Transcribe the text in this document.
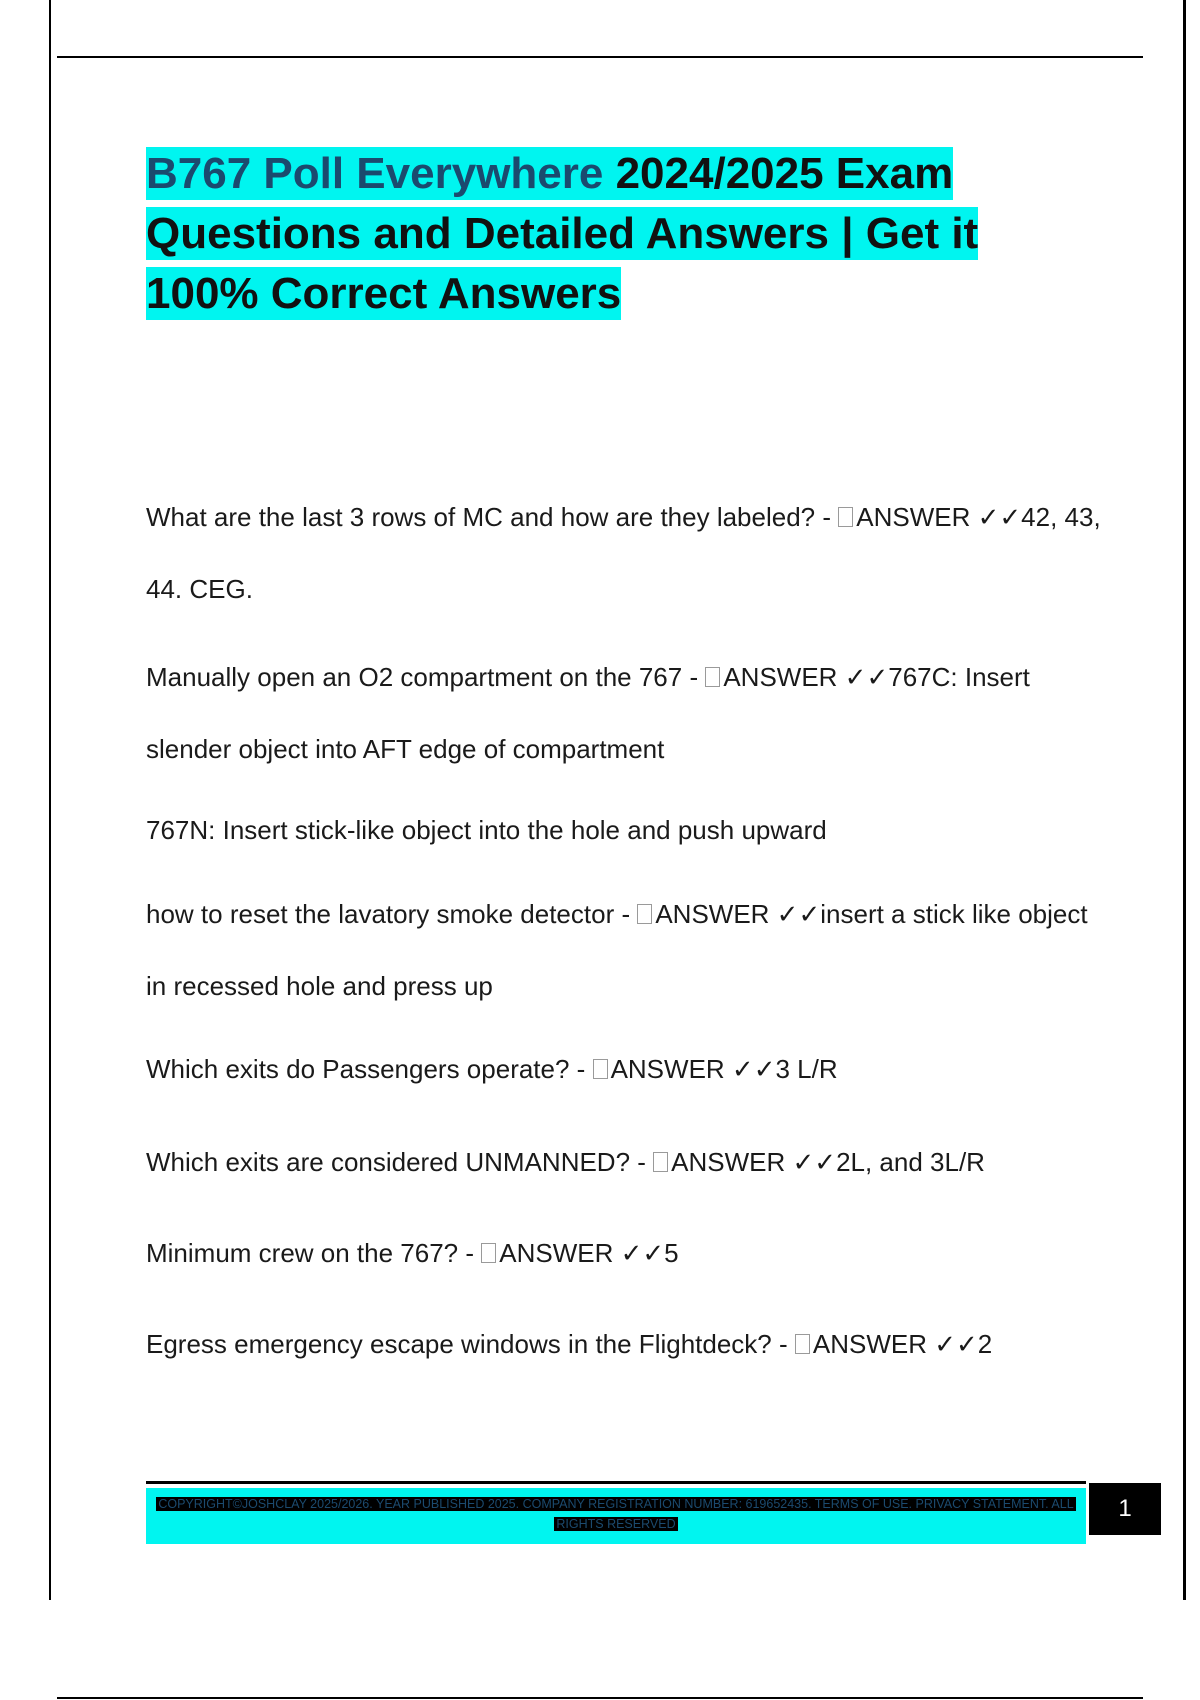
B767 Poll Everywhere 2024/2025 Exam Questions and Detailed Answers | Get it 100% Correct Answers

What are the last 3 rows of MC and how are they labeled? - ANSWER ✓✓42, 43, 44. CEG.

Manually open an O2 compartment on the 767 - ANSWER ✓✓767C: Insert slender object into AFT edge of compartment

767N: Insert stick-like object into the hole and push upward

how to reset the lavatory smoke detector - ANSWER ✓✓insert a stick like object in recessed hole and press up

Which exits do Passengers operate? - ANSWER ✓✓3 L/R

Which exits are considered UNMANNED? - ANSWER ✓✓2L, and 3L/R

Minimum crew on the 767? - ANSWER ✓✓5

Egress emergency escape windows in the Flightdeck? - ANSWER ✓✓2

COPYRIGHT©JOSHCLAY 2025/2026. YEAR PUBLISHED 2025. COMPANY REGISTRATION NUMBER: 619652435. TERMS OF USE. PRIVACY STATEMENT. ALL RIGHTS RESERVED
1
